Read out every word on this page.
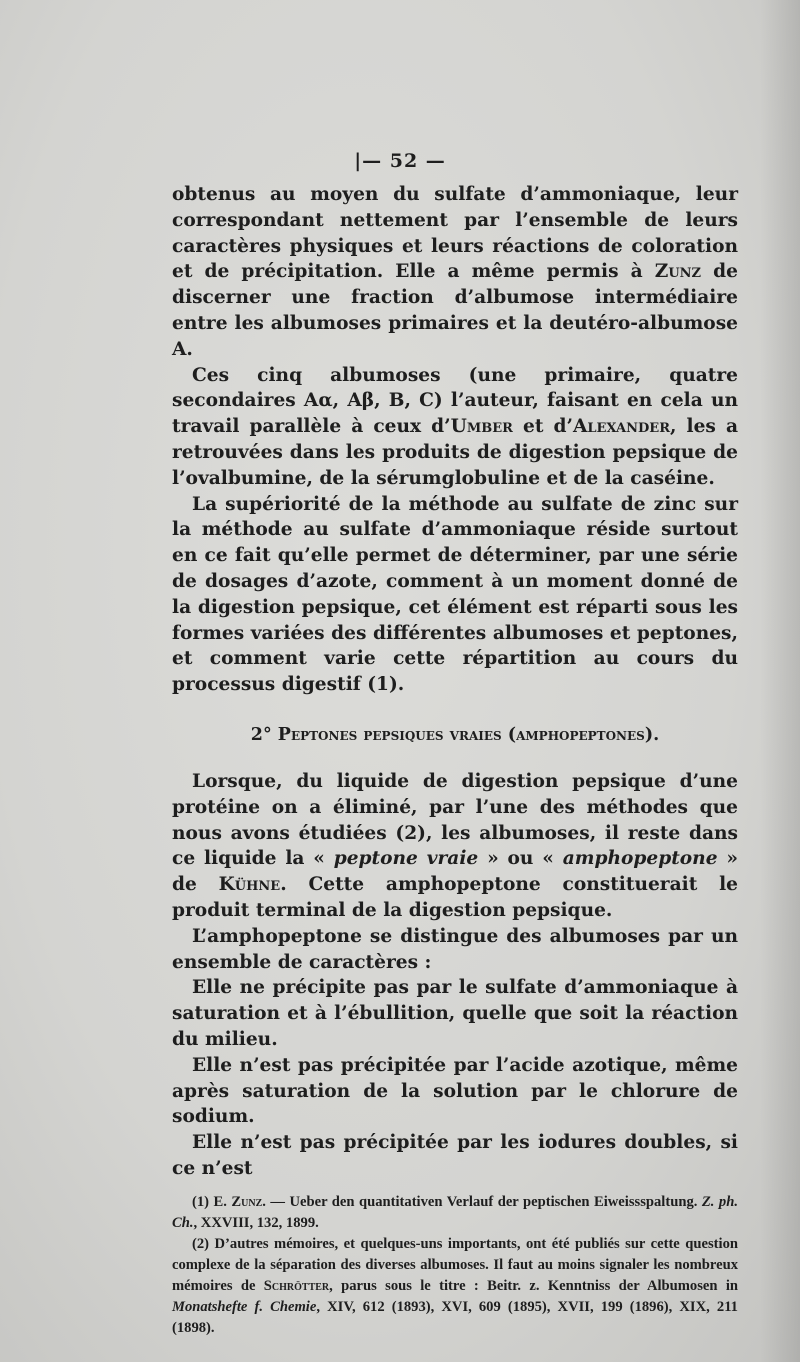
|— 52 —

obtenus au moyen du sulfate d’ammoniaque, leur correspondant nettement par l’ensemble de leurs caractères physiques et leurs réactions de coloration et de précipitation. Elle a même permis à Zunz de discerner une fraction d’albumose intermédiaire entre les albumoses primaires et la deutéro-albumose A.

Ces cinq albumoses (une primaire, quatre secondaires Aα, Aβ, B, C) l’auteur, faisant en cela un travail parallèle à ceux d’Umber et d’Alexander, les a retrouvées dans les produits de digestion pepsique de l’ovalbumine, de la sérumglobuline et de la caséine.

La supériorité de la méthode au sulfate de zinc sur la méthode au sulfate d’ammoniaque réside surtout en ce fait qu’elle permet de déterminer, par une série de dosages d’azote, comment à un moment donné de la digestion pepsique, cet élément est réparti sous les formes variées des différentes albumoses et peptones, et comment varie cette répartition au cours du processus digestif (1).

2° Peptones pepsiques vraies (amphopeptones).

Lorsque, du liquide de digestion pepsique d’une protéine on a éliminé, par l’une des méthodes que nous avons étudiées (2), les albumoses, il reste dans ce liquide la « peptone vraie » ou « amphopeptone » de Kühne. Cette amphopeptone constituerait le produit terminal de la digestion pepsique.

L’amphopeptone se distingue des albumoses par un ensemble de caractères :

Elle ne précipite pas par le sulfate d’ammoniaque à saturation et à l’ébullition, quelle que soit la réaction du milieu.

Elle n’est pas précipitée par l’acide azotique, même après saturation de la solution par le chlorure de sodium.

Elle n’est pas précipitée par les iodures doubles, si ce n’est

(1) E. Zunz. — Ueber den quantitativen Verlauf der peptischen Eiweissspaltung. Z. ph. Ch., XXVIII, 132, 1899.

(2) D’autres mémoires, et quelques-uns importants, ont été publiés sur cette question complexe de la séparation des diverses albumoses. Il faut au moins signaler les nombreux mémoires de Schrötter, parus sous le titre : Beitr. z. Kenntniss der Albumosen in Monatshefte f. Chemie, XIV, 612 (1893), XVI, 609 (1895), XVII, 199 (1896), XIX, 211 (1898).
